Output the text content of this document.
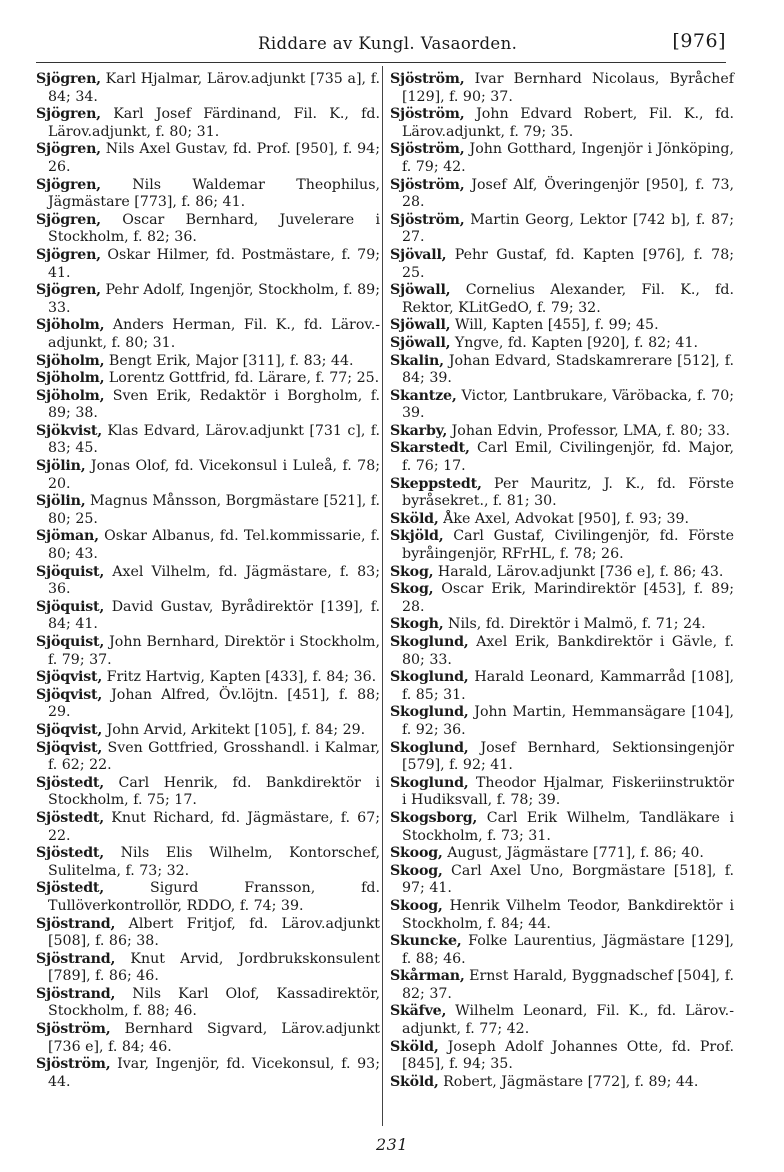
Riddare av Kungl. Vasaorden.	[976]

Sjögren, Karl Hjalmar, Lärov.adjunkt [735 a], f. 84; 34.

Sjögren, Karl Josef Färdinand, Fil. K., fd. Lärov.adjunkt, f. 80; 31.

Sjögren, Nils Axel Gustav, fd. Prof. [950], f. 94; 26.

Sjögren, Nils Waldemar Theophilus, Jägmästare [773], f. 86; 41.

Sjögren, Oscar Bernhard, Juvelerare i Stockholm, f. 82; 36.

Sjögren, Oskar Hilmer, fd. Postmästare, f. 79; 41.

Sjögren, Pehr Adolf, Ingenjör, Stockholm, f. 89; 33.

Sjöholm, Anders Herman, Fil. K., fd. Lärov.-adjunkt, f. 80; 31.

Sjöholm, Bengt Erik, Major [311], f. 83; 44.

Sjöholm, Lorentz Gottfrid, fd. Lärare, f. 77; 25.

Sjöholm, Sven Erik, Redaktör i Borgholm, f. 89; 38.

Sjökvist, Klas Edvard, Lärov.adjunkt [731 c], f. 83; 45.

Sjölin, Jonas Olof, fd. Vicekonsul i Luleå, f. 78; 20.

Sjölin, Magnus Månsson, Borgmästare [521], f. 80; 25.

Sjöman, Oskar Albanus, fd. Tel.kommissarie, f. 80; 43.

Sjöquist, Axel Vilhelm, fd. Jägmästare, f. 83; 36.

Sjöquist, David Gustav, Byrådirektör [139], f. 84; 41.

Sjöquist, John Bernhard, Direktör i Stockholm, f. 79; 37.

Sjöqvist, Fritz Hartvig, Kapten [433], f. 84; 36.

Sjöqvist, Johan Alfred, Öv.löjtn. [451], f. 88; 29.

Sjöqvist, John Arvid, Arkitekt [105], f. 84; 29.

Sjöqvist, Sven Gottfried, Grosshandl. i Kalmar, f. 62; 22.

Sjöstedt, Carl Henrik, fd. Bankdirektör i Stockholm, f. 75; 17.

Sjöstedt, Knut Richard, fd. Jägmästare, f. 67; 22.

Sjöstedt, Nils Elis Wilhelm, Kontorschef, Sulitelma, f. 73; 32.

Sjöstedt,	Sigurd Fransson, fd. Tullöverkontrollör, RDDO, f. 74; 39.

Sjöstrand, Albert Fritjof, fd. Lärov.adjunkt [508], f. 86; 38.

Sjöstrand, Knut Arvid, Jordbrukskonsulent [789], f. 86; 46.

Sjöstrand, Nils Karl Olof, Kassadirektör, Stockholm, f. 88; 46.

Sjöström, Bernhard Sigvard, Lärov.adjunkt [736 e], f. 84; 46.

Sjöström, Ivar, Ingenjör, fd. Vicekonsul, f. 93; 44.

Sjöström, Ivar Bernhard Nicolaus, Byråchef [129], f. 90; 37.

Sjöström, John Edvard Robert, Fil. K., fd. Lärov.adjunkt, f. 79; 35.

Sjöström, John Gotthard, Ingenjör i Jönköping, f. 79; 42.

Sjöström, Josef Alf, Överingenjör [950], f. 73, 28.

Sjöström, Martin Georg, Lektor [742 b], f. 87; 27.

Sjövall, Pehr Gustaf, fd. Kapten [976], f. 78; 25.

Sjöwall, Cornelius Alexander, Fil. K., fd. Rektor, KLitGedO, f. 79; 32.

Sjöwall, Will, Kapten [455], f. 99; 45.

Sjöwall, Yngve, fd. Kapten [920], f. 82; 41.

Skalin, Johan Edvard, Stadskamrerare [512], f. 84; 39.

Skantze, Victor, Lantbrukare, Väröbacka, f. 70; 39.

Skarby, Johan Edvin, Professor, LMA, f. 80; 33.

Skarstedt, Carl Emil, Civilingenjör, fd. Major, f. 76; 17.

Skeppstedt, Per Mauritz, J. K., fd. Förste byråsekret., f. 81; 30.

Sköld, Åke Axel, Advokat [950], f. 93; 39.

Skjöld, Carl Gustaf, Civilingenjör, fd. Förste byråingenjör, RFrHL, f. 78; 26.

Skog, Harald, Lärov.adjunkt [736 e], f. 86; 43.

Skog, Oscar Erik, Marindirektör [453], f. 89; 28.

Skogh, Nils, fd. Direktör i Malmö, f. 71; 24.

Skoglund, Axel Erik, Bankdirektör i Gävle, f. 80; 33.

Skoglund, Harald Leonard, Kammarråd [108], f. 85; 31.

Skoglund, John Martin, Hemmansägare [104], f. 92; 36.

Skoglund, Josef Bernhard, Sektionsingenjör [579], f. 92; 41.

Skoglund, Theodor Hjalmar, Fiskeriinstruktör i Hudiksvall, f. 78; 39.

Skogsborg, Carl Erik Wilhelm, Tandläkare i Stockholm, f. 73; 31.

Skoog, August, Jägmästare [771], f. 86; 40.

Skoog, Carl Axel Uno, Borgmästare [518], f. 97; 41.

Skoog, Henrik Vilhelm Teodor, Bankdirektör i Stockholm, f. 84; 44.

Skuncke, Folke Laurentius, Jägmästare [129], f. 88; 46.

Skårman, Ernst Harald, Byggnadschef [504], f. 82; 37.

Skäfve, Wilhelm Leonard, Fil. K., fd. Lärov.-adjunkt, f. 77; 42.

Sköld, Joseph Adolf Johannes Otte, fd. Prof. [845], f. 94; 35.

Sköld, Robert, Jägmästare [772], f. 89; 44.

231
